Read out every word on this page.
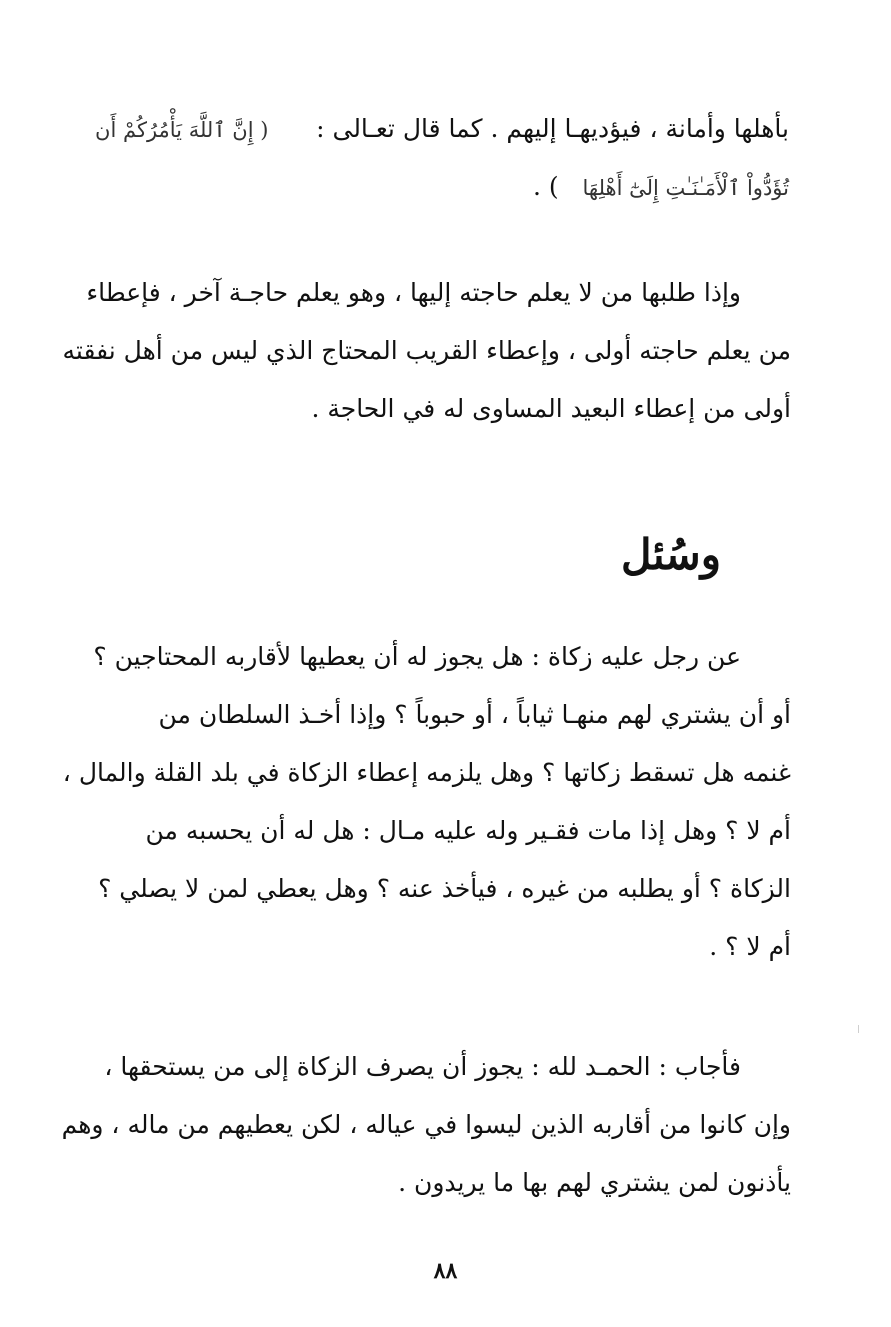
بأهلها وأمانة ، فيؤديهـا إليهم . كما قال تعـالى :      ( إِنَّ ٱللَّهَ يَأْمُرُكُمْ أَن
تُؤَدُّواْ ٱلْأَمَـٰنَـٰتِ إِلَىٰٓ أَهْلِهَا   ) .
وإذا طلبها من لا يعلم حاجته إليها ، وهو يعلم حاجـة آخر ، فإعطاء
من يعلم حاجته أولى ، وإعطاء القريب المحتاج الذي ليس من أهل نفقته
أولى من إعطاء البعيد المساوى له في الحاجة .
وسُئل
عن رجل عليه زكاة : هل يجوز له أن يعطيها لأقاربه المحتاجين ؟
أو أن يشتري لهم منهـا ثياباً ، أو حبوباً ؟ وإذا أخـذ السلطان من
غنمه هل تسقط زكاتها ؟ وهل يلزمه إعطاء الزكاة في بلد القلة والمال ،
أم لا ؟ وهل إذا مات فقـير وله عليه مـال : هل له أن يحسبه من
الزكاة ؟ أو يطلبه من غيره ، فيأخذ عنه ؟ وهل يعطي لمن لا يصلي ؟
أم لا ؟ .
فأجاب : الحمـد لله : يجوز أن يصرف الزكاة إلى من يستحقها ،
وإن كانوا من أقاربه الذين ليسوا في عياله ، لكن يعطيهم من ماله ، وهم
يأذنون لمن يشتري لهم بها ما يريدون .
٨٨
